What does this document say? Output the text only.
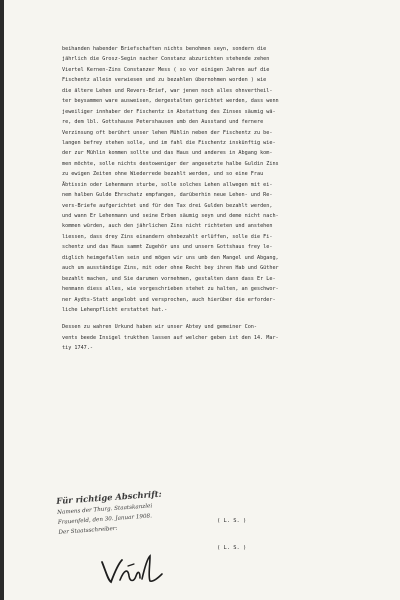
beihanden habender Briefschaften nichts benohmen seyn, sondern die
jährlich die Grosz-Segin nacher Constanz abzurichten stehende zehen
Viertel Kernen-Zins Constanzer Mess ( so vor einigen Jahren auf die
Fischentz allein verwiesen und zu bezahlen übernohmen worden ) wie
die ältere Lehen und Revers-Brief, war jenen noch alles ohnvertheil-
ter beysammen ware ausweisen, dergestalten gerichtet werden, dass wenn
jeweiliger innhaber der Fischentz in Abstattung des Zinses säumig wä-
re, dem lbl. Gottshause Petershausen umb den Ausstand und fernere
Verzinsung oft berührt unser lehen Mühlin neben der Fischentz zu be-
langen befrey stehen solle, und im fahl die Fischentz inskünftig wie-
der zur Mühlin kommen sollte und das Haus und anderes in Abgang kom-
men möchte, solle nichts destoweniger der angesetzte halbe Guldin Zins
zu ewigen Zeiten ohne Wiederrede bezahlt werden, und so eine Frau
Äbtissin oder Lehenmann sturbe, solle solches Lehen allwegen mit ei-
nem halben Gulde Ehrschatz empfangen, darüberhin neue Lehen- und Re-
vers-Briefe aufgerichtet und für den Tax drei Gulden bezahlt werden,
und wann Er Lehenmann und seine Erben säumig seyn und deme nicht nach-
kommen würden, auch den jährlichen Zins nicht richteten und anstehen
liessen, dass drey Zins einandern ohnbezahlt erlüffen, solle die Fi-
schentz und das Haus sammt Zugehör uns und unsern Gottshaus frey le-
diglich heimgefallen sein und mögen wir uns umb den Mangel und Abgang,
auch um ausständige Zins, mit oder ohne Recht bey ihren Hab und Güther
bezahlt machen, und Sie darumen vornehmen, gestalten dann dass Er Le-
henmann diess alles, wie vorgeschrieben stehet zu halten, an geschwor-
ner Aydts-Statt angelobt und versprochen, auch hierüber die erforder-
liche Lehenpflicht erstattet hat.-
Dessen zu wahren Urkund haben wir unser Abtey und gemeiner Con-
vents beede Insigel trukthen lassen auf welcher geben ist den 14. Mar-
tiy 1747.-
( L. S. )
( L. S. )
Für richtige Abschrift:
Namens der Thurg. Staatskanzlei
Frauenfeld, den 30. Januar 1908.
Der Staatsschreiber:
